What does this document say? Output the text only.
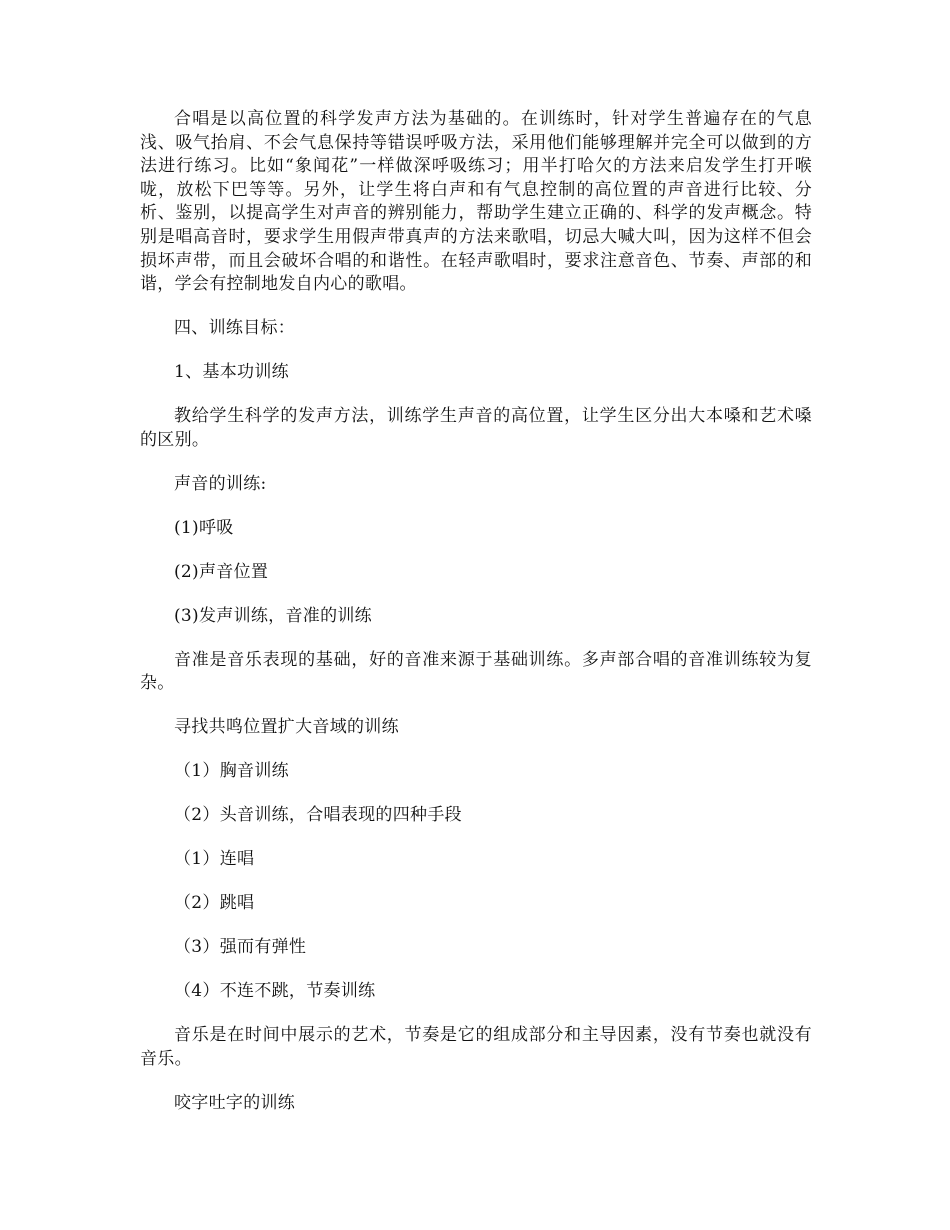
合唱是以高位置的科学发声方法为基础的。在训练时，针对学生普遍存在的气息浅、吸气抬肩、不会气息保持等错误呼吸方法，采用他们能够理解并完全可以做到的方法进行练习。比如“象闻花”一样做深呼吸练习；用半打哈欠的方法来启发学生打开喉咙，放松下巴等等。另外，让学生将白声和有气息控制的高位置的声音进行比较、分析、鉴别，以提高学生对声音的辨别能力，帮助学生建立正确的、科学的发声概念。特别是唱高音时，要求学生用假声带真声的方法来歌唱，切忌大喊大叫，因为这样不但会损坏声带，而且会破坏合唱的和谐性。在轻声歌唱时，要求注意音色、节奏、声部的和谐，学会有控制地发自内心的歌唱。

四、训练目标：

1、基本功训练

教给学生科学的发声方法，训练学生声音的高位置，让学生区分出大本嗓和艺术嗓的区别。

声音的训练:

(1)呼吸

(2)声音位置

(3)发声训练，音准的训练

音准是音乐表现的基础，好的音准来源于基础训练。多声部合唱的音准训练较为复杂。

寻找共鸣位置扩大音域的训练

（1）胸音训练

（2）头音训练，合唱表现的四种手段

（1）连唱

（2）跳唱

（3）强而有弹性

（4）不连不跳，节奏训练

音乐是在时间中展示的艺术，节奏是它的组成部分和主导因素，没有节奏也就没有音乐。

咬字吐字的训练
